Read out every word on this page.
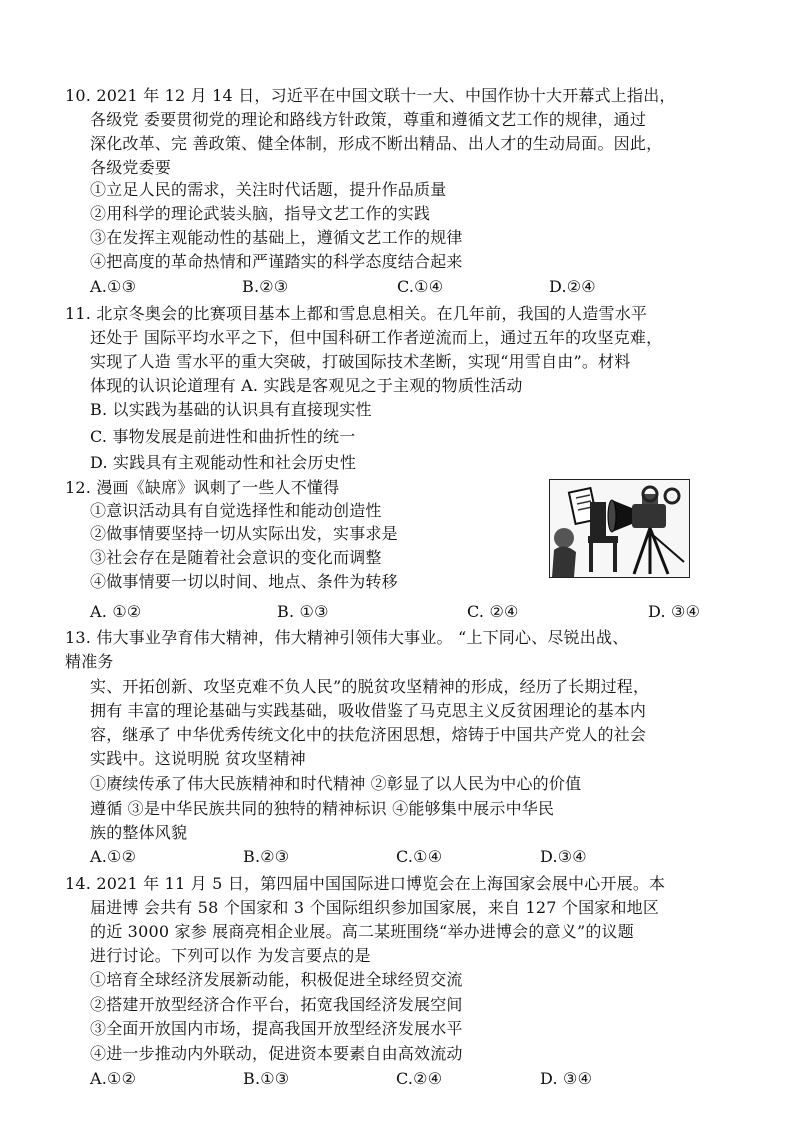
10. 2021 年 12 月 14 日，习近平在中国文联十一大、中国作协十大开幕式上指出，
各级党 委要贯彻党的理论和路线方针政策，尊重和遵循文艺工作的规律，通过
深化改革、完 善政策、健全体制，形成不断出精品、出人才的生动局面。因此，
各级党委要
①立足人民的需求，关注时代话题，提升作品质量
②用科学的理论武装头脑，指导文艺工作的实践
③在发挥主观能动性的基础上，遵循文艺工作的规律
④把高度的革命热情和严谨踏实的科学态度结合起来
A.①③	B.②③	C.①④	D.②④
11. 北京冬奥会的比赛项目基本上都和雪息息相关。在几年前，我国的人造雪水平
还处于 国际平均水平之下，但中国科研工作者逆流而上，通过五年的攻坚克难，
实现了人造 雪水平的重大突破，打破国际技术垄断，实现“用雪自由”。材料
体现的认识论道理有 A. 实践是客观见之于主观的物质性活动
B. 以实践为基础的认识具有直接现实性
C. 事物发展是前进性和曲折性的统一
D. 实践具有主观能动性和社会历史性
12. 漫画《缺席》讽刺了一些人不懂得
①意识活动具有自觉选择性和能动创造性
②做事情要坚持一切从实际出发，实事求是
③社会存在是随着社会意识的变化而调整
④做事情要一切以时间、地点、条件为转移
A. ①②	B. ①③	C. ②④	D. ③④
13. 伟大事业孕育伟大精神，伟大精神引领伟大事业。 “上下同心、尽锐出战、
精准务
实、开拓创新、攻坚克难不负人民”的脱贫攻坚精神的形成，经历了长期过程，
拥有 丰富的理论基础与实践基础，吸收借鉴了马克思主义反贫困理论的基本内
容，继承了 中华优秀传统文化中的扶危济困思想，熔铸于中国共产党人的社会
实践中。这说明脱 贫攻坚精神
①赓续传承了伟大民族精神和时代精神 ②彰显了以人民为中心的价值
遵循 ③是中华民族共同的独特的精神标识 ④能够集中展示中华民
族的整体风貌
A.①②	B.②③	C.①④	D.③④
14. 2021 年 11 月 5 日，第四届中国国际进口博览会在上海国家会展中心开展。本
届进博 会共有 58 个国家和 3 个国际组织参加国家展，来自 127 个国家和地区
的近 3000 家参 展商亮相企业展。高二某班围绕“举办进博会的意义”的议题
进行讨论。下列可以作 为发言要点的是
①培育全球经济发展新动能，积极促进全球经贸交流
②搭建开放型经济合作平台，拓宽我国经济发展空间
③全面开放国内市场，提高我国开放型经济发展水平
④进一步推动内外联动，促进资本要素自由高效流动
A.①②	B.①③	C.②④	D. ③④
